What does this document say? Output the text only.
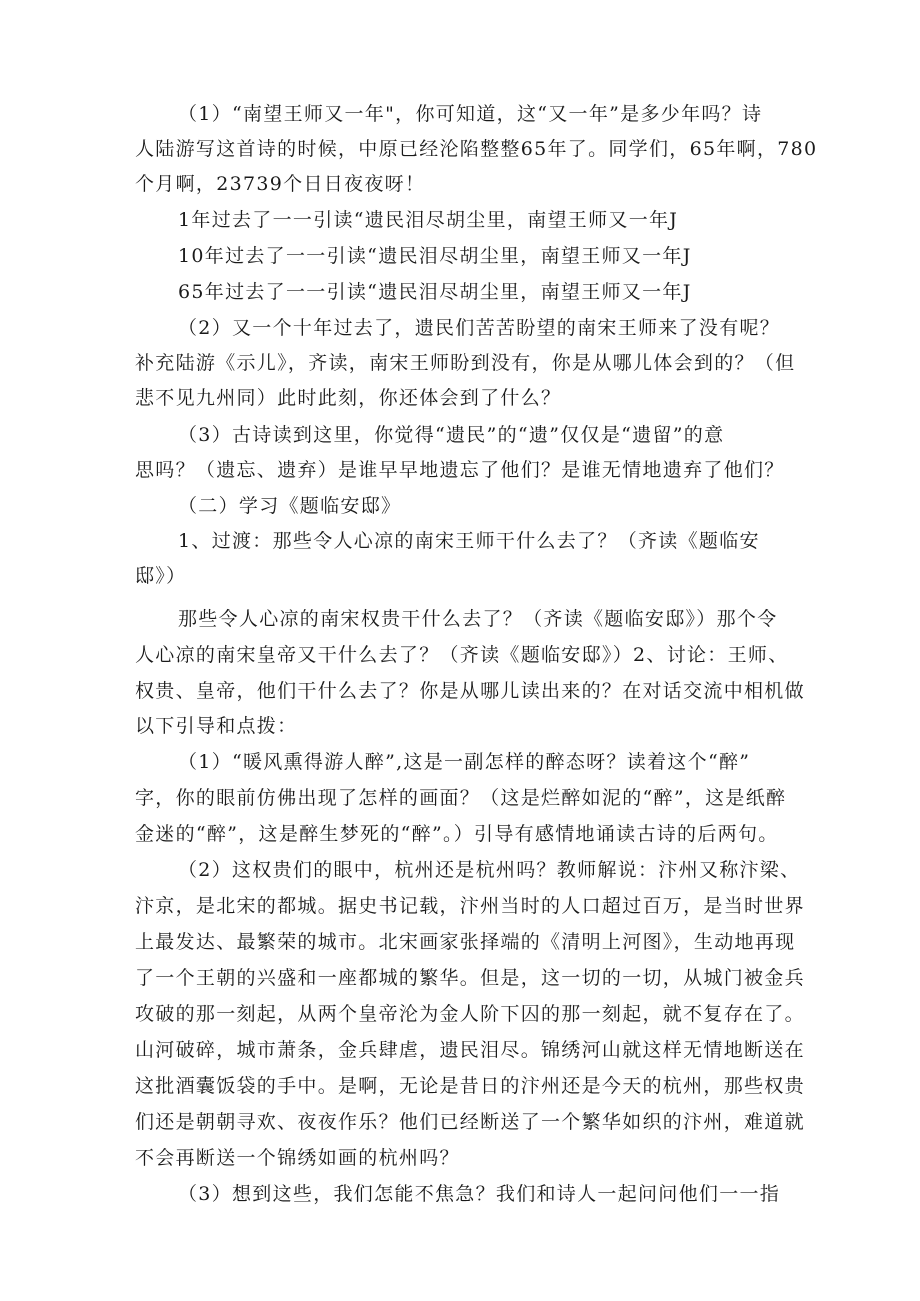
（1）“南望王师又一年"，你可知道，这“又一年”是多少年吗？诗
人陆游写这首诗的时候，中原已经沦陷整整65年了。同学们，65年啊，780
个月啊，23739个日日夜夜呀！
1年过去了一一引读“遗民泪尽胡尘里，南望王师又一年J
10年过去了一一引读“遗民泪尽胡尘里，南望王师又一年J
65年过去了一一引读“遗民泪尽胡尘里，南望王师又一年J
（2）又一个十年过去了，遗民们苦苦盼望的南宋王师来了没有呢？
补充陆游《示儿》，齐读，南宋王师盼到没有，你是从哪儿体会到的？（但
悲不见九州同）此时此刻，你还体会到了什么？
（3）古诗读到这里，你觉得“遗民”的“遗”仅仅是“遗留”的意
思吗？（遗忘、遗弃）是谁早早地遗忘了他们？是谁无情地遗弃了他们？
（二）学习《题临安邸》
1、过渡：那些令人心凉的南宋王师干什么去了？（齐读《题临安
邸》）
那些令人心凉的南宋权贵干什么去了？（齐读《题临安邸》）那个令
人心凉的南宋皇帝又干什么去了？（齐读《题临安邸》）2、讨论：王师、
权贵、皇帝，他们干什么去了？你是从哪儿读出来的？在对话交流中相机做
以下引导和点拨：
（1）“暖风熏得游人醉”,这是一副怎样的醉态呀？读着这个“醉”
字，你的眼前仿佛出现了怎样的画面？（这是烂醉如泥的“醉”，这是纸醉
金迷的“醉”，这是醉生梦死的“醉”。）引导有感情地诵读古诗的后两句。
（2）这权贵们的眼中，杭州还是杭州吗？教师解说：汴州又称汴梁、
汴京，是北宋的都城。据史书记载，汴州当时的人口超过百万，是当时世界
上最发达、最繁荣的城市。北宋画家张择端的《清明上河图》，生动地再现
了一个王朝的兴盛和一座都城的繁华。但是，这一切的一切，从城门被金兵
攻破的那一刻起，从两个皇帝沦为金人阶下囚的那一刻起，就不复存在了。
山河破碎，城市萧条，金兵肆虐，遗民泪尽。锦绣河山就这样无情地断送在
这批酒囊饭袋的手中。是啊，无论是昔日的汴州还是今天的杭州，那些权贵
们还是朝朝寻欢、夜夜作乐？他们已经断送了一个繁华如织的汴州，难道就
不会再断送一个锦绣如画的杭州吗？
（3）想到这些，我们怎能不焦急？我们和诗人一起问问他们一一指
